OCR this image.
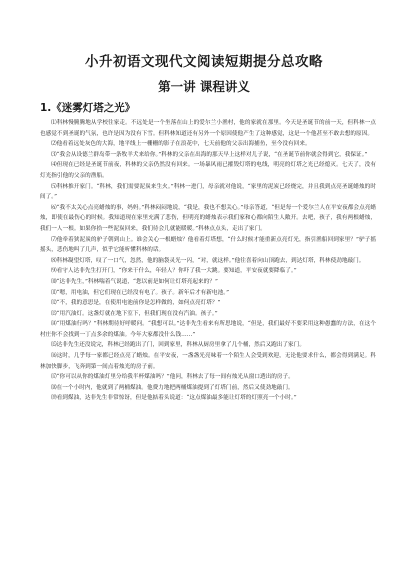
小升初语文现代文阅读短期提分总攻略
第一讲 课程讲义
1.《迷雾灯塔之光》

⑴科林慢腾腾地从学校往家走。不远处是一个坐落在山上的爱尔兰小渔村，他的家就在那里。今天是圣诞节的前一天，但科林一点也感觉不到圣诞的气氛，也许是因为没有下雪。但科林知道还有另外一个原因使他产生了这种感觉，这是一个他甚至不敢去想的原因。

⑵他看着远处灰色的大海，地平线上一栅栅的影子在浪花中，七天前他的父亲出海捕鱼，至今没有回来。

⑶“我会从设德兰群岛带一条牧羊犬来给你。”科林的父亲在出海的那天早上这样对儿子说，“在圣诞节前你就会得到它，我保证。”

⑷但现在已经是圣诞节前夜，科林的父亲仍然没有回来。一场暴风雨已摧毁灯塔的电线，明亮的灯塔之光已经熄灭。七天了，没有灯光指引他的父亲的渔船。

⑸科林推开家门。“科林，我们需要泥炭来生火。”科林一进门，母亲就对他说，“家里的泥炭已经烧完，并且我到点亮圣诞蜡烛的时间了。”

⑹“我不太关心点亮蜡烛的事，妈妈。”科林闷闷地说，“我是，我也不想关心。”母亲答道，“但是每一个爱尔兰人在平安夜都会点亮蜡烛，即使在最伤心的时候。我知道现在家里充满了悲伤，但明亮的蜡烛表示我们家和心都向陌生人敞开。去吧，孩子，我有两根蜡烛，我们一人一根。如果你拾一些泥炭回来，我们待会儿就能暖暖。”科林点点头，走出了家门。

⑺他牵着狭泥炭的驴子朝到山上。谁会关心一根蜡烛？他看着灯塔想，“什么时候才能重新点亮灯光，指引渔船回到家里？”驴子摇摇头，悲伤地叫了几声，似乎它能听懂科林的话。

⑻科林凝望灯塔，叹了一口气，忽然，他的脑袋灵光一闪，“对，就这样。”他往喜着向山顶跑去，到达灯塔，科林使劲地敲门。

⑼看守人达非先生打开门，“你来干什么，年轻人？你吓了我一大跳。要知道，平安夜就要降临了。”

⑽“达非先生，”科林喘着气说道，“您以前是如何让灯塔亮起来的？”

⑾“嗯，用电油，但它们现在已经没有电了。孩子。新年后才有新电池。”

⑿“不，我的意思是，在使用电池前你是怎样做的，如何点亮灯塔？”

⒀“用汽油灯。这盏灯就在地下室下，但我们现在没有汽油。孩子。”

⒁“用煤油行吗？”科林期待好呼暖问。“我想可以。”达非先生看来有所思地说，“但是，我们最好不要采用这种愚蠢的方法，在这个村庄你不会找到一丁点多余的煤油。今年大家都没什么钱……”

⒂达非先生还没说完，科林已经跑出了门，回到家里，科林从厨房里拿了几个桶，然后又跑出了家门。

⒃这时，几乎每一家都已经点亮了蜡烛。在平安夜，一盏盏光亮味着一个陌生人会受到欢迎，无论他要求什么，都会得到满足。科林加快脚步，飞奔到第一间点着烛光的房子前。

⒄“你可以从你的煤油灯里分给我半杯煤油吗？”他问，科林去了每一间有烛光从窗口透出的房子。

⒅在一个小时内，他就到了两桶煤油。他费力地把两桶煤油提到了灯塔门前，然后又使劲地敲门。

⒆看到煤油，达非先生非常惊讶，但是他掂着头说道：“这点煤油最多能让灯塔的灯照亮一个小时。”
